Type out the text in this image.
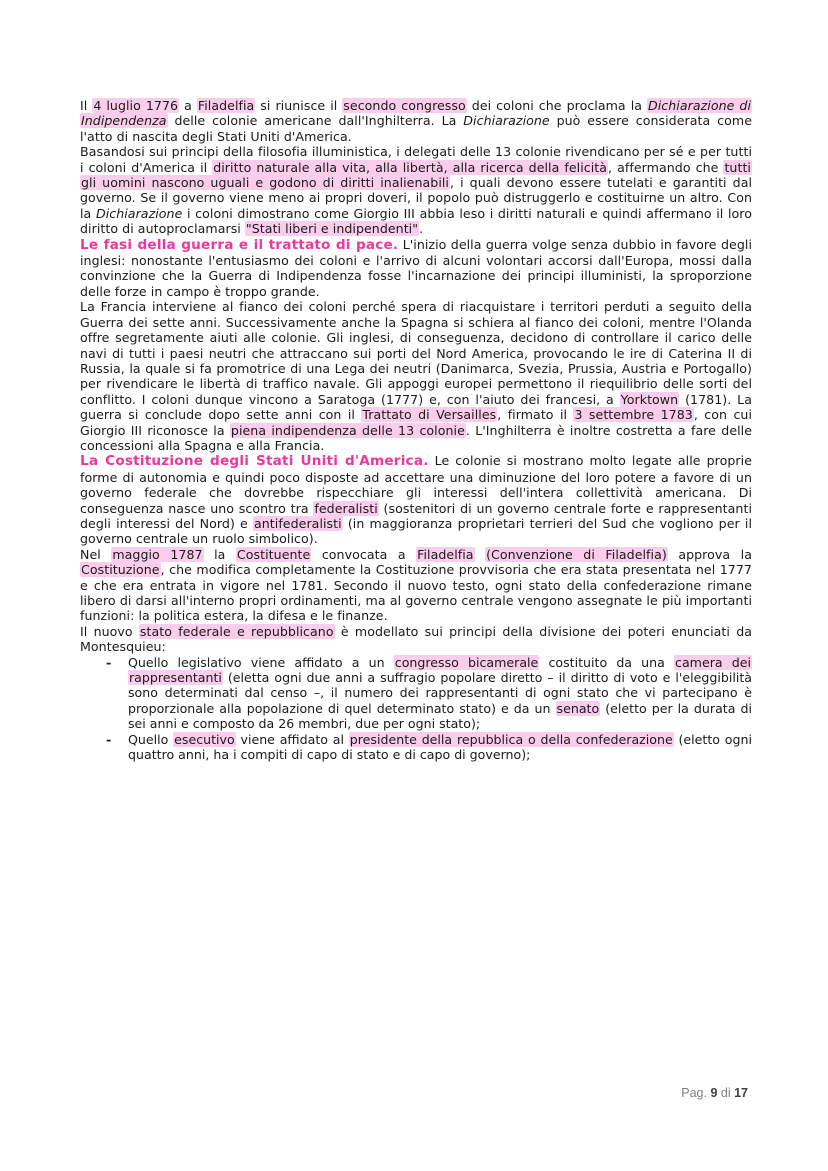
Il 4 luglio 1776 a Filadelfia si riunisce il secondo congresso dei coloni che proclama la Dichiarazione di Indipendenza delle colonie americane dall'Inghilterra. La Dichiarazione può essere considerata come l'atto di nascita degli Stati Uniti d'America.

Basandosi sui principi della filosofia illuministica, i delegati delle 13 colonie rivendicano per sé e per tutti i coloni d'America il diritto naturale alla vita, alla libertà, alla ricerca della felicità, affermando che tutti gli uomini nascono uguali e godono di diritti inalienabili, i quali devono essere tutelati e garantiti dal governo. Se il governo viene meno ai propri doveri, il popolo può distruggerlo e costituirne un altro. Con la Dichiarazione i coloni dimostrano come Giorgio III abbia leso i diritti naturali e quindi affermano il loro diritto di autoproclamarsi "Stati liberi e indipendenti".

Le fasi della guerra e il trattato di pace. L'inizio della guerra volge senza dubbio in favore degli inglesi: nonostante l'entusiasmo dei coloni e l'arrivo di alcuni volontari accorsi dall'Europa, mossi dalla convinzione che la Guerra di Indipendenza fosse l'incarnazione dei principi illuministi, la sproporzione delle forze in campo è troppo grande.

La Francia interviene al fianco dei coloni perché spera di riacquistare i territori perduti a seguito della Guerra dei sette anni. Successivamente anche la Spagna si schiera al fianco dei coloni, mentre l'Olanda offre segretamente aiuti alle colonie. Gli inglesi, di conseguenza, decidono di controllare il carico delle navi di tutti i paesi neutri che attraccano sui porti del Nord America, provocando le ire di Caterina II di Russia, la quale si fa promotrice di una Lega dei neutri (Danimarca, Svezia, Prussia, Austria e Portogallo) per rivendicare le libertà di traffico navale. Gli appoggi europei permettono il riequilibrio delle sorti del conflitto. I coloni dunque vincono a Saratoga (1777) e, con l'aiuto dei francesi, a Yorktown (1781). La guerra si conclude dopo sette anni con il Trattato di Versailles, firmato il 3 settembre 1783, con cui Giorgio III riconosce la piena indipendenza delle 13 colonie. L'Inghilterra è inoltre costretta a fare delle concessioni alla Spagna e alla Francia.

La Costituzione degli Stati Uniti d'America. Le colonie si mostrano molto legate alle proprie forme di autonomia e quindi poco disposte ad accettare una diminuzione del loro potere a favore di un governo federale che dovrebbe rispecchiare gli interessi dell'intera collettività americana. Di conseguenza nasce uno scontro tra federalisti (sostenitori di un governo centrale forte e rappresentanti degli interessi del Nord) e antifederalisti (in maggioranza proprietari terrieri del Sud che vogliono per il governo centrale un ruolo simbolico).

Nel maggio 1787 la Costituente convocata a Filadelfia (Convenzione di Filadelfia) approva la Costituzione, che modifica completamente la Costituzione provvisoria che era stata presentata nel 1777 e che era entrata in vigore nel 1781. Secondo il nuovo testo, ogni stato della confederazione rimane libero di darsi all'interno propri ordinamenti, ma al governo centrale vengono assegnate le più importanti funzioni: la politica estera, la difesa e le finanze.

Il nuovo stato federale e repubblicano è modellato sui principi della divisione dei poteri enunciati da Montesquieu:

- Quello legislativo viene affidato a un congresso bicamerale costituito da una camera dei rappresentanti (eletta ogni due anni a suffragio popolare diretto – il diritto di voto e l'eleggibilità sono determinati dal censo –, il numero dei rappresentanti di ogni stato che vi partecipano è proporzionale alla popolazione di quel determinato stato) e da un senato (eletto per la durata di sei anni e composto da 26 membri, due per ogni stato);
- Quello esecutivo viene affidato al presidente della repubblica o della confederazione (eletto ogni quattro anni, ha i compiti di capo di stato e di capo di governo);
Pag. 9 di 17
